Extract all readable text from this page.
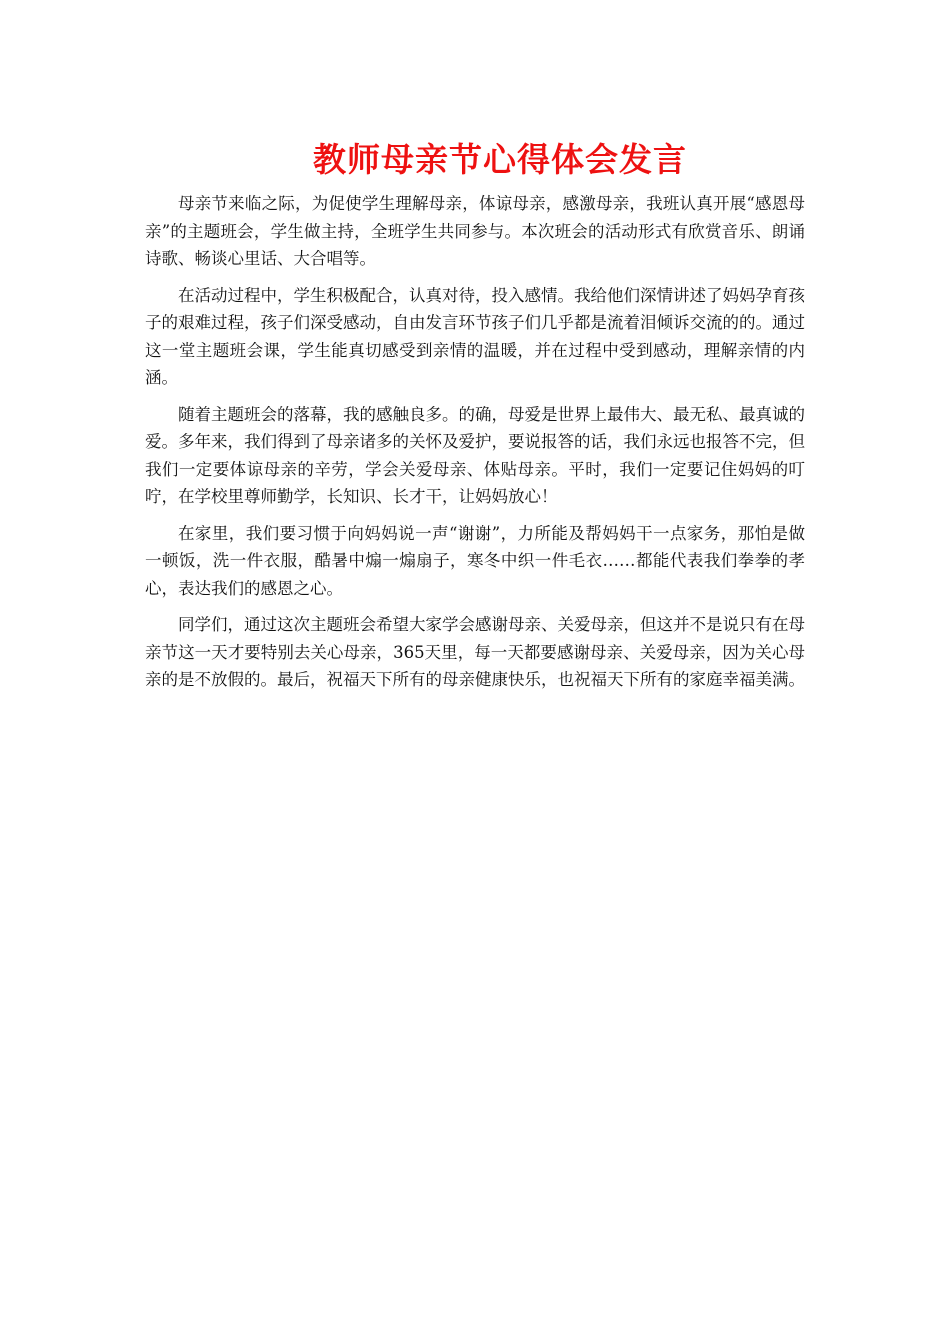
教师母亲节心得体会发言

母亲节来临之际，为促使学生理解母亲，体谅母亲，感激母亲，我班认真开展“感恩母亲”的主题班会，学生做主持，全班学生共同参与。本次班会的活动形式有欣赏音乐、朗诵诗歌、畅谈心里话、大合唱等。

在活动过程中，学生积极配合，认真对待，投入感情。我给他们深情讲述了妈妈孕育孩子的艰难过程，孩子们深受感动，自由发言环节孩子们几乎都是流着泪倾诉交流的的。通过这一堂主题班会课，学生能真切感受到亲情的温暖，并在过程中受到感动，理解亲情的内涵。

随着主题班会的落幕，我的感触良多。的确，母爱是世界上最伟大、最无私、最真诚的爱。多年来，我们得到了母亲诸多的关怀及爱护，要说报答的话，我们永远也报答不完，但我们一定要体谅母亲的辛劳，学会关爱母亲、体贴母亲。平时，我们一定要记住妈妈的叮咛，在学校里尊师勤学，长知识、长才干，让妈妈放心！

在家里，我们要习惯于向妈妈说一声“谢谢”，力所能及帮妈妈干一点家务，那怕是做一顿饭，洗一件衣服，酷暑中煽一煽扇子，寒冬中织一件毛衣……都能代表我们拳拳的孝心，表达我们的感恩之心。

同学们，通过这次主题班会希望大家学会感谢母亲、关爱母亲，但这并不是说只有在母亲节这一天才要特别去关心母亲，365天里，每一天都要感谢母亲、关爱母亲，因为关心母亲的是不放假的。最后，祝福天下所有的母亲健康快乐，也祝福天下所有的家庭幸福美满。
